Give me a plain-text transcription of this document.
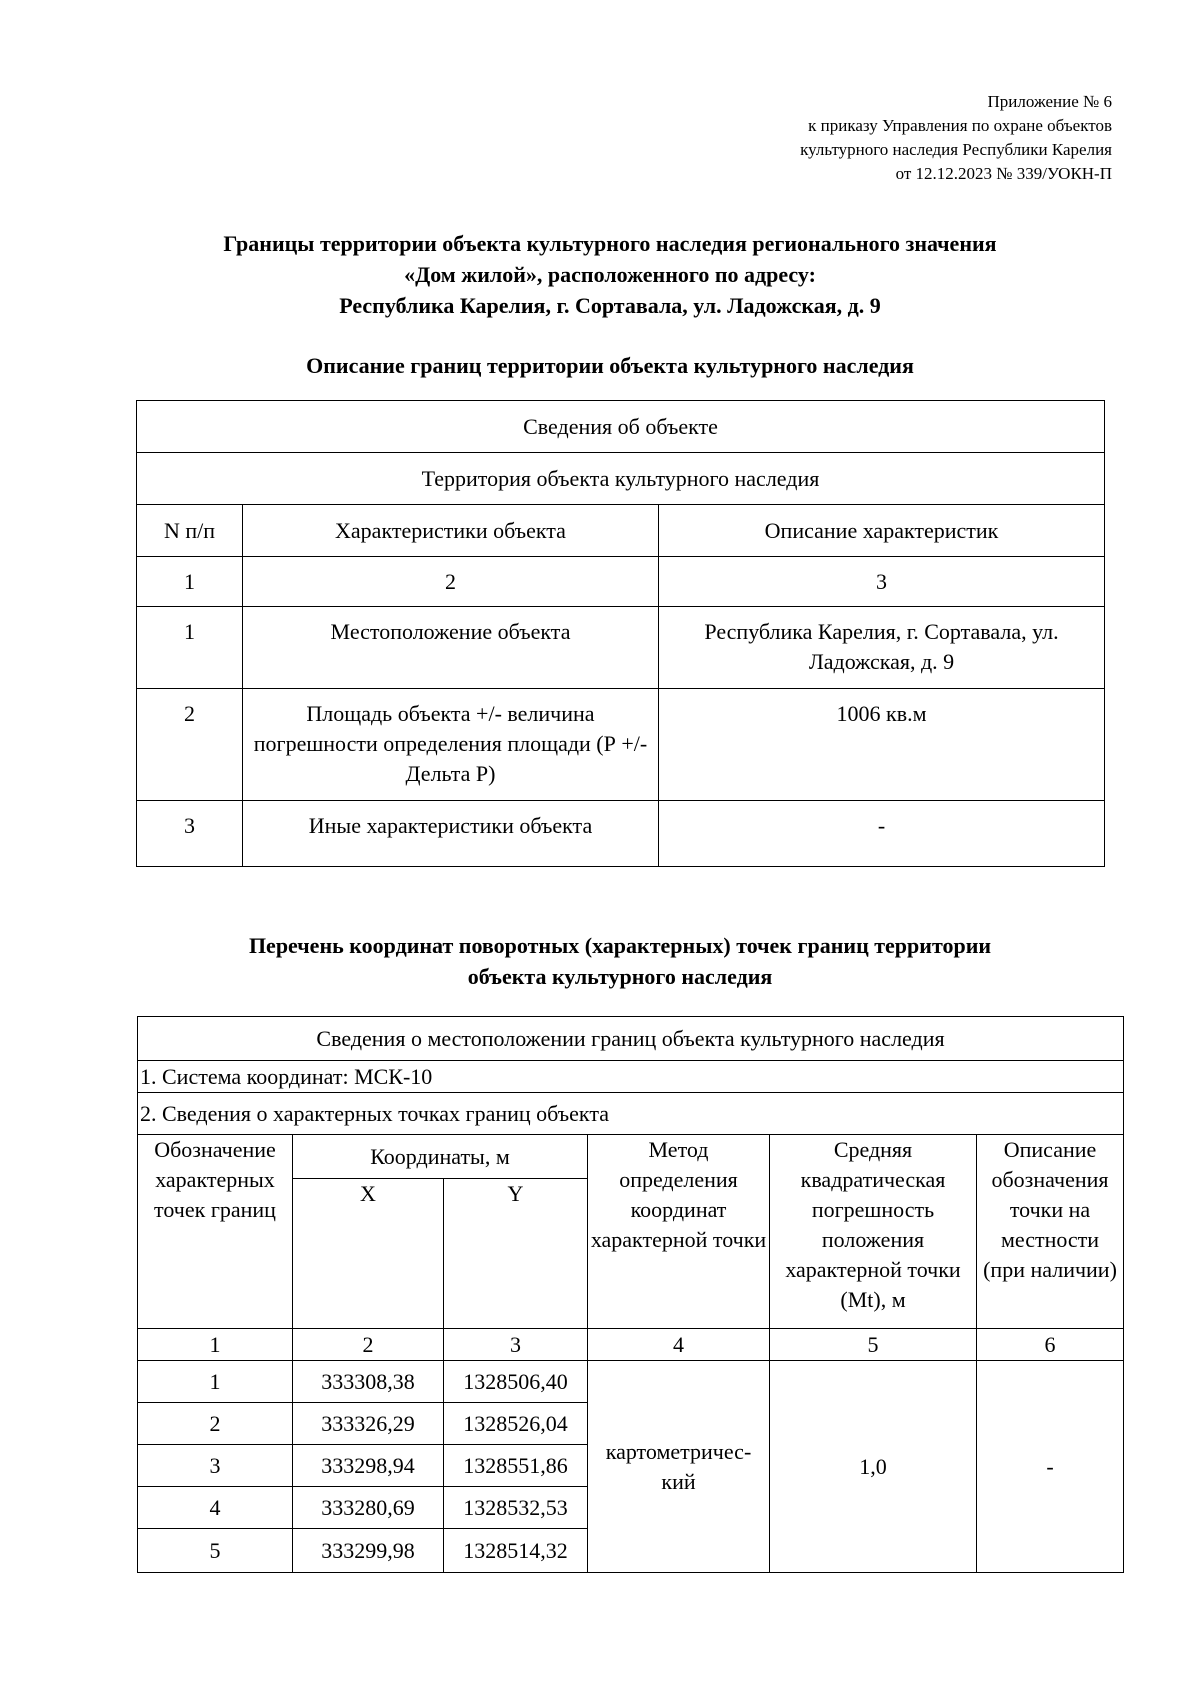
Приложение № 6
к приказу Управления по охране объектов
культурного наследия Республики Карелия
от 12.12.2023 № 339/УОКН-П
Границы территории объекта культурного наследия регионального значения
«Дом жилой», расположенного по адресу:
Республика Карелия, г. Сортавала, ул. Ладожская, д. 9
Описание границ территории объекта культурного наследия
Сведения об объекте		
Территория объекта культурного наследия		
N п/п	Характеристики объекта	Описание характеристик
1	2	3
1	Местоположение объекта	Республика Карелия, г. Сортавала, ул. Ладожская, д. 9
2	Площадь объекта +/- величина погрешности определения площади (Р +/- Дельта Р)	1006 кв.м
3	Иные характеристики объекта	-
Перечень координат поворотных (характерных) точек границ территории
объекта культурного наследия
Сведения о местоположении границ объекта культурного наследия					
1. Система координат: МСК-10					
2. Сведения о характерных точках границ объекта					
Обозначение характерных точек границ	Координаты, м		Метод определения координат характерной точки	Средняя квадратическая погрешность положения характерной точки (Mt), м	Описание обозначения точки на местности (при наличии)
	X	Y			
1	2	3	4	5	6
1	333308,38	1328506,40	картометричес-кий	1,0	-
2	333326,29	1328526,04			
3	333298,94	1328551,86			
4	333280,69	1328532,53			
5	333299,98	1328514,32			
